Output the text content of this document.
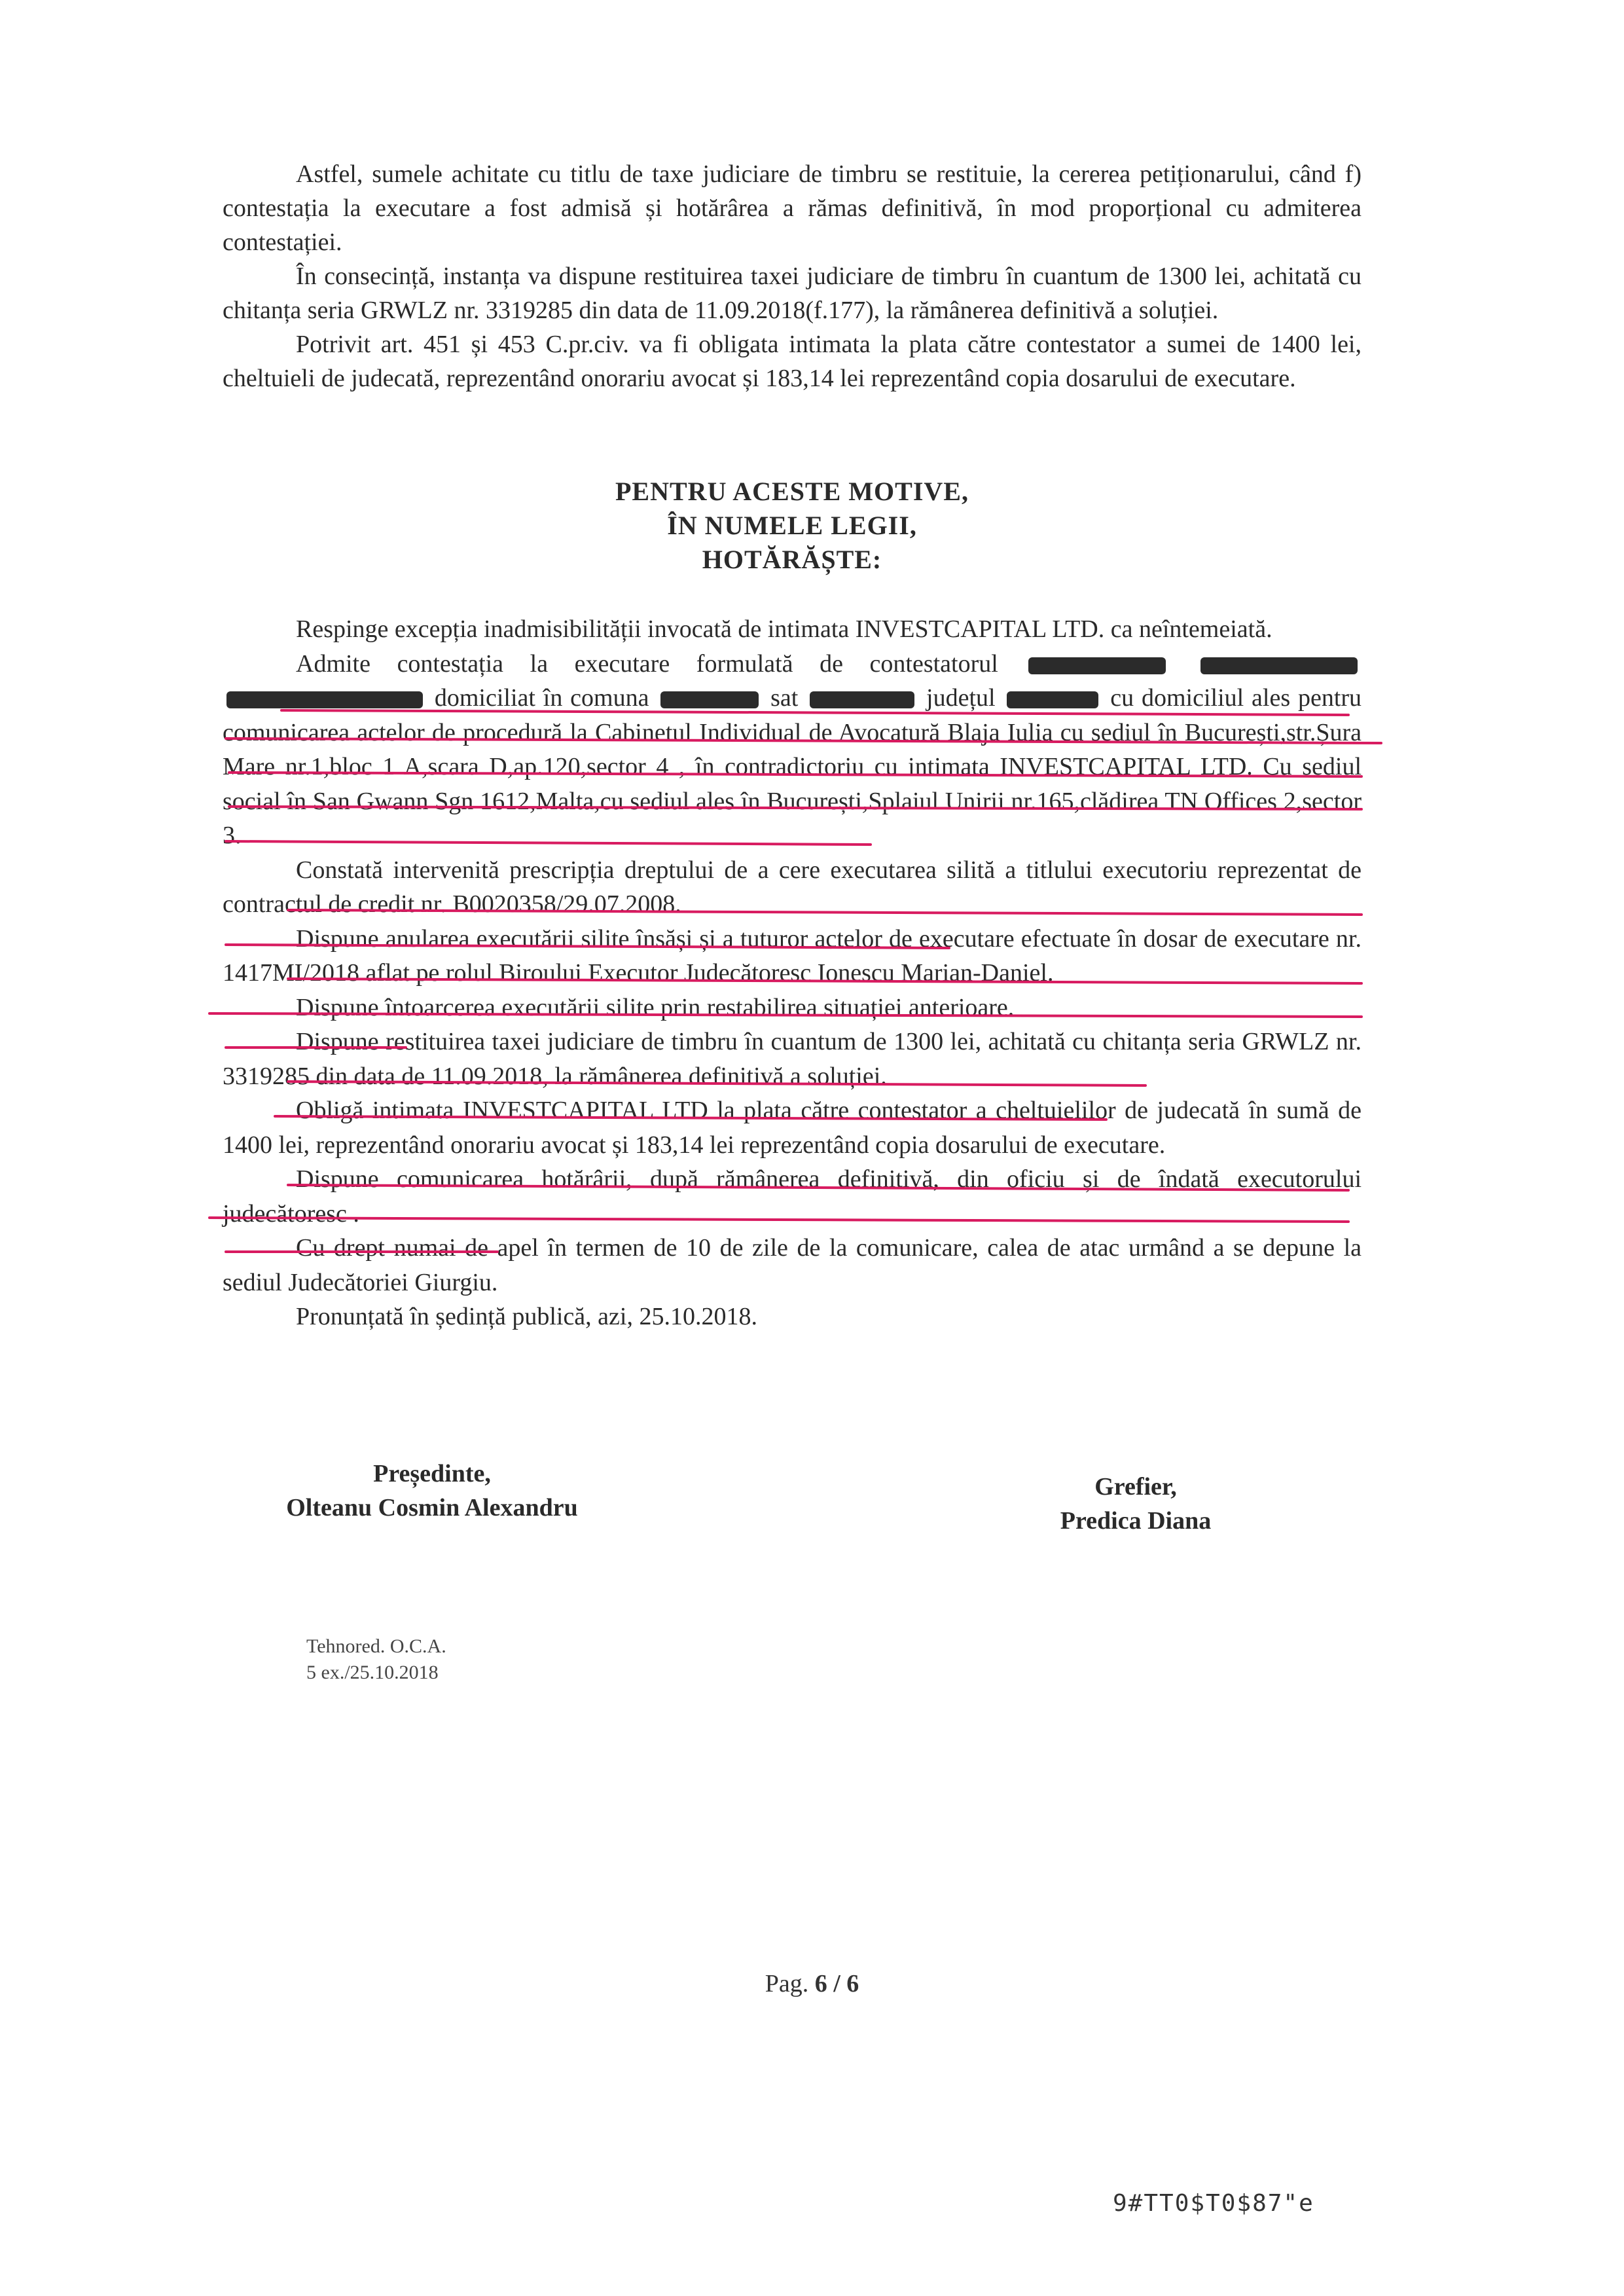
Astfel, sumele achitate cu titlu de taxe judiciare de timbru se restituie, la cererea petiționarului, când f) contestația la executare a fost admisă și hotărârea a rămas definitivă, în mod proporțional cu admiterea contestației.

În consecință, instanța va dispune restituirea taxei judiciare de timbru în cuantum de 1300 lei, achitată cu chitanța seria GRWLZ nr. 3319285 din data de 11.09.2018(f.177), la rămânerea definitivă a soluției.

Potrivit art. 451 și 453 C.pr.civ. va fi obligata intimata la plata către contestator a sumei de 1400 lei, cheltuieli de judecată, reprezentând onorariu avocat și 183,14 lei reprezentând copia dosarului de executare.

PENTRU ACESTE MOTIVE,
ÎN NUMELE LEGII,
HOTĂRĂȘTE:

Respinge excepția inadmisibilității invocată de intimata INVESTCAPITAL LTD. ca neîntemeiată.

Admite contestația la executare formulată de contestatorul    domiciliat în comuna	sat	județul	cu domiciliul ales pentru comunicarea actelor de procedură la Cabinetul Individual de Avocatură Blaja Iulia cu sediul în București,str.Șura Mare nr.1,bloc 1 A,scara D,ap.120,sector 4 , în contradictoriu cu intimata INVESTCAPITAL LTD. Cu sediul social în San Gwann Sgn 1612,Malta,cu sediul ales în București,Splaiul Unirii nr.165,clădirea TN Offices 2,sector 3.

Constată intervenită prescripția dreptului de a cere executarea silită a titlului executoriu reprezentat de contractul de credit nr. B0020358/29.07.2008.

Dispune anularea executării silite însăși și a tuturor actelor de executare efectuate în dosar de executare nr. 1417MI/2018 aflat pe rolul Biroului Executor Judecătoresc Ionescu Marian-Daniel.

Dispune întoarcerea executării silite prin restabilirea situației anterioare.

Dispune restituirea taxei judiciare de timbru în cuantum de 1300 lei, achitată cu chitanța seria GRWLZ nr. 3319285 din data de 11.09.2018, la rămânerea definitivă a soluției.

Obligă intimata INVESTCAPITAL LTD la plata către contestator a cheltuielilor de judecată în sumă de 1400 lei, reprezentând onorariu avocat și 183,14 lei reprezentând copia dosarului de executare.

Dispune comunicarea hotărârii, după rămânerea definitivă, din oficiu și de îndată executorului judecătoresc .

Cu drept numai de apel în termen de 10 de zile de la comunicare, calea de atac urmând a se depune la sediul Judecătoriei Giurgiu.

Pronunțată în ședință publică, azi, 25.10.2018.

Președinte,
Olteanu Cosmin Alexandru
Grefier,
Predica Diana
Tehnored. O.C.A.
5 ex./25.10.2018
Pag. 6 / 6
9#TT0$T0$87"e
